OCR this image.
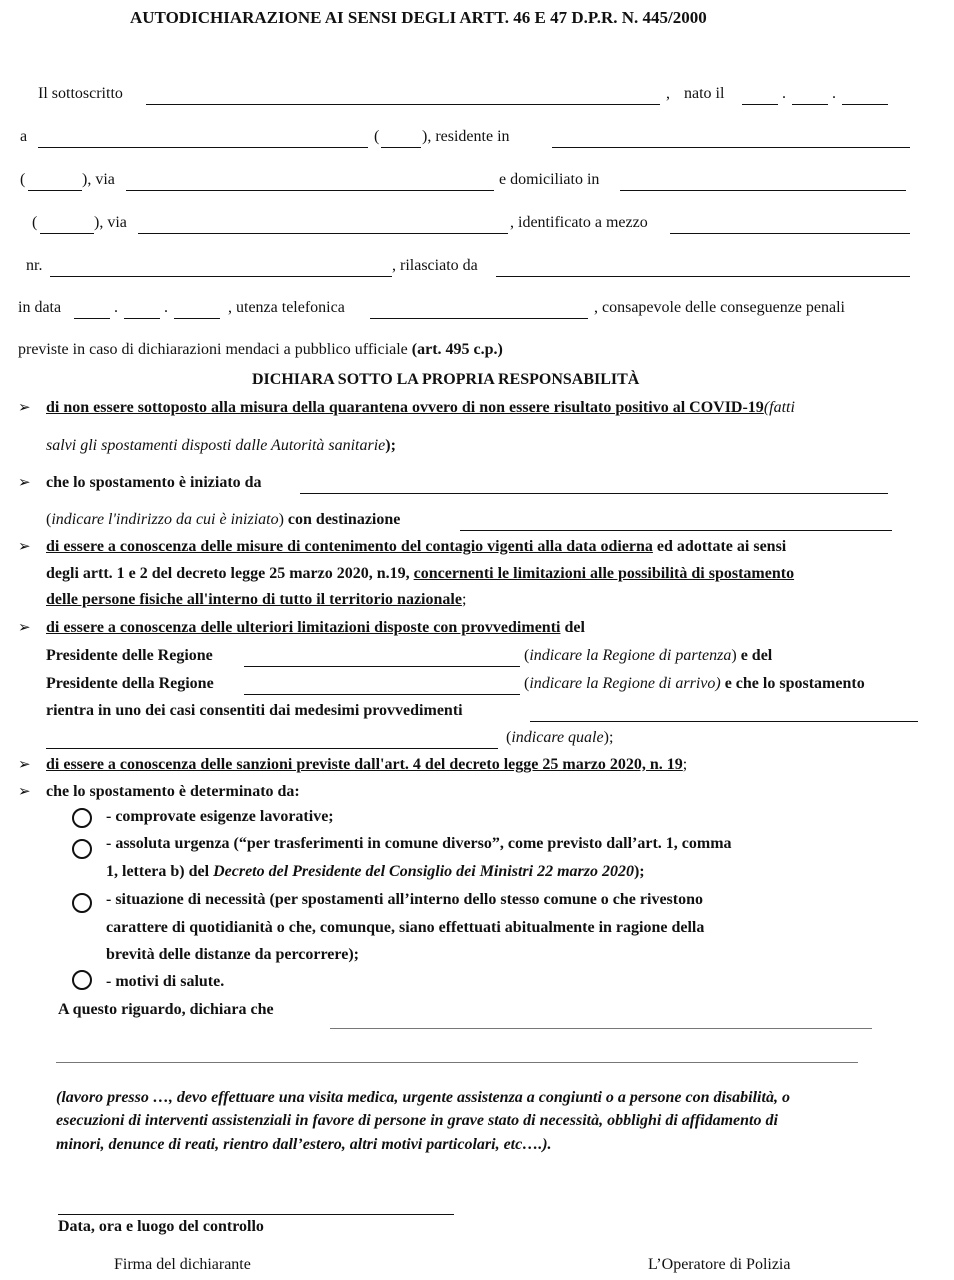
AUTODICHIARAZIONE AI SENSI DEGLI ARTT. 46 E 47 D.P.R. N. 445/2000
Il sottoscritto	, nato il	.	.
a	(	), residente in
(	), via	e domiciliato in
(	), via	, identificato a mezzo
nr.	, rilasciato da
in data	.	.	, utenza telefonica	, consapevole delle conseguenze penali
previste in caso di dichiarazioni mendaci a pubblico ufficiale (art. 495 c.p.)
DICHIARA SOTTO LA PROPRIA RESPONSABILITÀ
➢ di non essere sottoposto alla misura della quarantena ovvero di non essere risultato positivo al COVID-19(fatti
salvi gli spostamenti disposti dalle Autorità sanitarie);
➢ che lo spostamento è iniziato da
(indicare l'indirizzo da cui è iniziato) con destinazione
➢ di essere a conoscenza delle misure di contenimento del contagio vigenti alla data odierna ed adottate ai sensi
degli artt. 1 e 2 del decreto legge 25 marzo 2020, n.19, concernenti le limitazioni alle possibilità di spostamento
delle persone fisiche all'interno di tutto il territorio nazionale;
➢ di essere a conoscenza delle ulteriori limitazioni disposte con provvedimenti del
Presidente delle Regione	(indicare la Regione di partenza) e del
Presidente della Regione	(indicare la Regione di arrivo) e che lo spostamento
rientra in uno dei casi consentiti dai medesimi provvedimenti
(indicare quale);
➢ di essere a conoscenza delle sanzioni previste dall'art. 4 del decreto legge 25 marzo 2020, n. 19;
➢ che lo spostamento è determinato da:
- comprovate esigenze lavorative;
- assoluta urgenza (“per trasferimenti in comune diverso”, come previsto dall’art. 1, comma
1, lettera b) del Decreto del Presidente del Consiglio dei Ministri 22 marzo 2020);
- situazione di necessità (per spostamenti all’interno dello stesso comune o che rivestono
carattere di quotidianità o che, comunque, siano effettuati abitualmente in ragione della
brevità delle distanze da percorrere);
- motivi di salute.
A questo riguardo, dichiara che
(lavoro presso …, devo effettuare una visita medica, urgente assistenza a congiunti o a persone con disabilità, o
esecuzioni di interventi assistenziali in favore di persone in grave stato di necessità, obblighi di affidamento di
minori, denunce di reati, rientro dall’estero, altri motivi particolari, etc….).
Data, ora e luogo del controllo
Firma del dichiarante	L’Operatore di Polizia
